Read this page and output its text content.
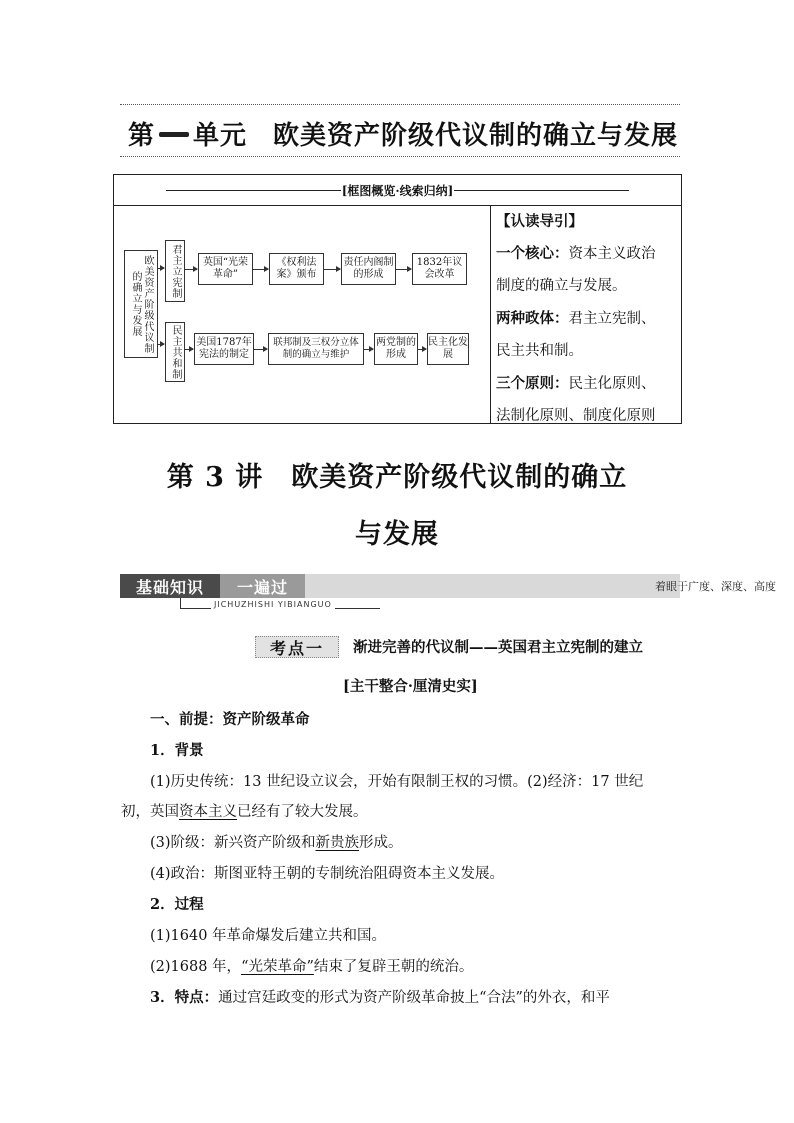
第 单元 欧美资产阶级代议制的确立与发展
[框图概览·线索归纳]
欧美资产阶级代议制的确立与发展	君主立宪制
民主共和制
英国“光荣革命”
《权利法案》颁布
责任内阁制的形成
1832年议会改革
美国1787年宪法的制定
联邦制及三权分立体制的确立与维护
两党制的形成
民主化发展
【认读导引】
一个核心：资本主义政治
制度的确立与发展。
两种政体：君主立宪制、
民主共和制。
三个原则：民主化原则、
法制化原则、制度化原则
第 3 讲　欧美资产阶级代议制的确立
与发展
基础知识	一遍过	着眼于广度、深度、高度
JICHUZHISHI YIBIANGUO
考点一	渐进完善的代议制——英国君主立宪制的建立
[主干整合·厘清史实]
一、前提：资产阶级革命
1．背景
(1)历史传统：13 世纪设立议会，开始有限制王权的习惯。(2)经济：17 世纪
初，英国资本主义已经有了较大发展。
(3)阶级：新兴资产阶级和新贵族形成。
(4)政治：斯图亚特王朝的专制统治阻碍资本主义发展。
2．过程
(1)1640 年革命爆发后建立共和国。
(2)1688 年，“光荣革命”结束了复辟王朝的统治。
3．特点：通过宫廷政变的形式为资产阶级革命披上“合法”的外衣，和平
